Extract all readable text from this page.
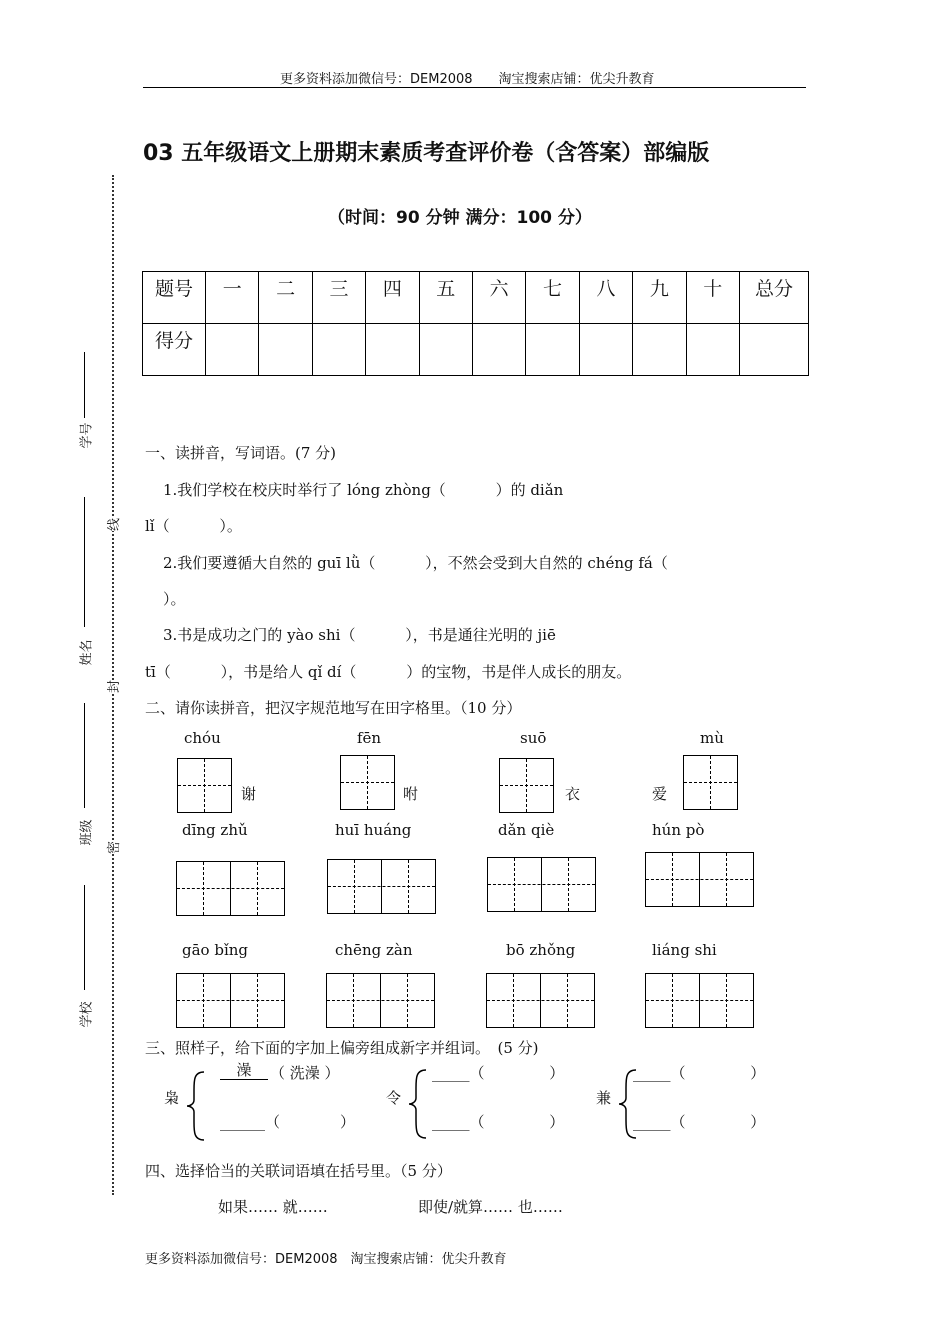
更多资料添加微信号：DEM2008　　淘宝搜索店铺：优尖升教育
03 五年级语文上册期末素质考查评价卷（含答案）部编版
（时间：90 分钟 满分：100 分）
题号	一	二	三	四	五	六	七	八	九	十	总分
得分											
学号
姓名
班级
学校
线
封
密
一、读拼音，写词语。(7 分)
1.我们学校在校庆时举行了 lóng zhòng（　　　 ）的 diǎn
lǐ（　　　 ）。
2.我们要遵循大自然的 guī lǜ（　　　 ），不然会受到大自然的 chéng fá（
）。
3.书是成功之门的 yào shi（　　　 ），书是通往光明的 jiē
tī（　　　 ），书是给人 qǐ dí（　　　 ）的宝物，书是伴人成长的朋友。
二、请你读拼音，把汉字规范地写在田字格里。（10 分）
chóu
谢
fēn
咐
suō
衣
mù
爱
dīng zhǔ	huī huáng	dǎn qiè	hún pò
gāo bǐng	chēng zàn	bō zhǒng	liáng shi
三、照样子，给下面的字加上偏旁组成新字并组词。　(5 分)
枭
澡	（ 洗澡 ）
______（　　　　）
令
_____（　　　　 ）
_____（　　　　 ）
兼
_____（　　　　 ）
_____（　　　　 ）
四、选择恰当的关联词语填在括号里。（5 分）
如果…… 就……	即使/就算…… 也……
更多资料添加微信号：DEM2008　淘宝搜索店铺：优尖升教育
